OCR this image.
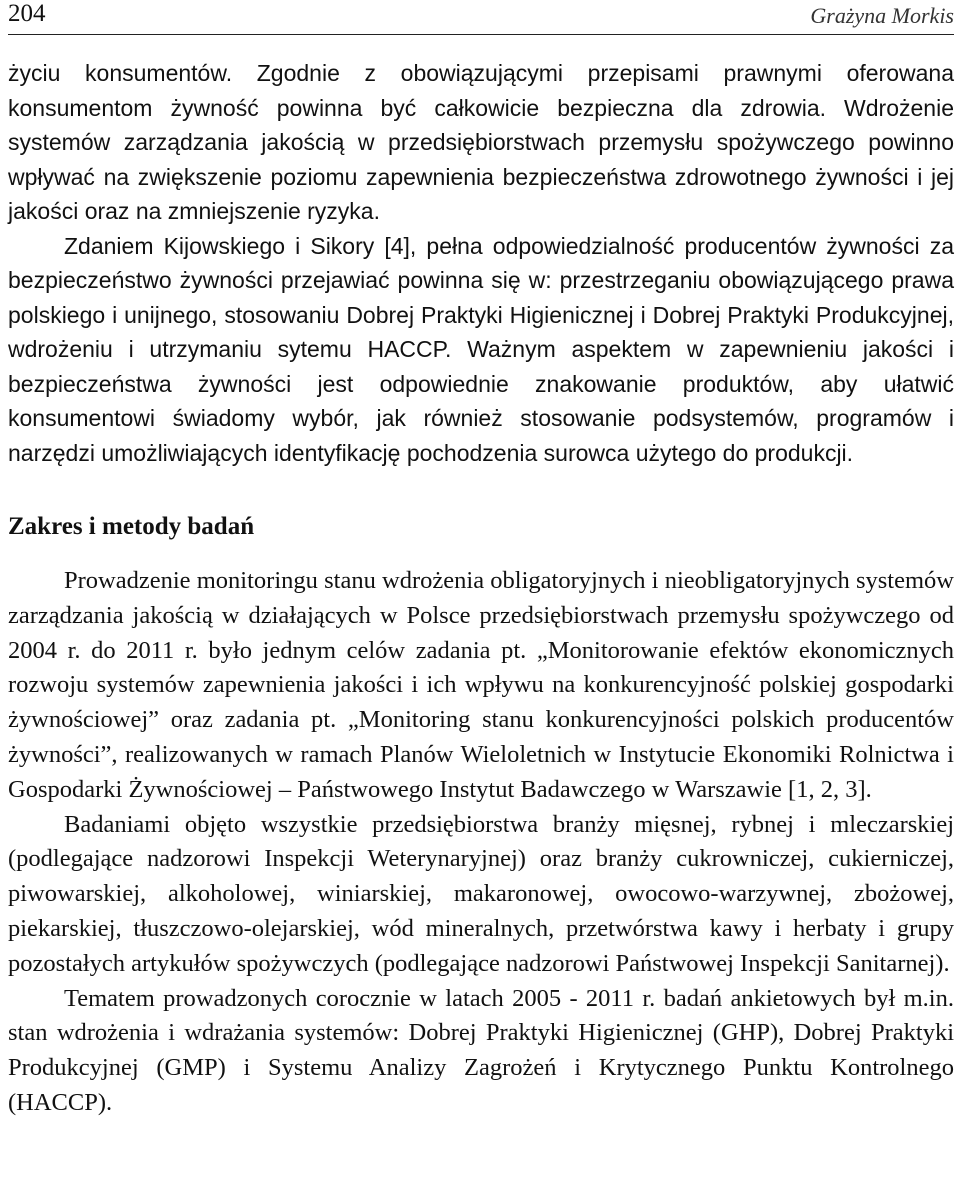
204	Grażyna Morkis

życiu konsumentów. Zgodnie z obowiązującymi przepisami prawnymi oferowana konsumentom żywność powinna być całkowicie bezpieczna dla zdrowia. Wdrożenie systemów zarządzania jakością w przedsiębiorstwach przemysłu spożywczego powinno wpływać na zwiększenie poziomu zapewnienia bezpieczeństwa zdrowotnego żywności i jej jakości oraz na zmniejszenie ryzyka.

Zdaniem Kijowskiego i Sikory [4], pełna odpowiedzialność producentów żywności za bezpieczeństwo żywności przejawiać powinna się w: przestrzeganiu obowiązującego prawa polskiego i unijnego, stosowaniu Dobrej Praktyki Higienicznej i Dobrej Praktyki Produkcyjnej, wdrożeniu i utrzymaniu sytemu HACCP. Ważnym aspektem w zapewnieniu jakości i bezpieczeństwa żywności jest odpowiednie znakowanie produktów, aby ułatwić konsumentowi świadomy wybór, jak również stosowanie podsystemów, programów i narzędzi umożliwiających identyfikację pochodzenia surowca użytego do produkcji.

Zakres i metody badań

Prowadzenie monitoringu stanu wdrożenia obligatoryjnych i nieobligatoryjnych systemów zarządzania jakością w działających w Polsce przedsiębiorstwach przemysłu spożywczego od 2004 r. do 2011 r. było jednym celów zadania pt. „Monitorowanie efektów ekonomicznych rozwoju systemów zapewnienia jakości i ich wpływu na konkurencyjność polskiej gospodarki żywnościowej” oraz zadania pt. „Monitoring stanu konkurencyjności polskich producentów żywności”, realizowanych w ramach Planów Wieloletnich w Instytucie Ekonomiki Rolnictwa i Gospodarki Żywnościowej – Państwowego Instytut Badawczego w Warszawie [1, 2, 3].

Badaniami objęto wszystkie przedsiębiorstwa branży mięsnej, rybnej i mleczarskiej (podlegające nadzorowi Inspekcji Weterynaryjnej) oraz branży cukrowniczej, cukierniczej, piwowarskiej, alkoholowej, winiarskiej, makaronowej, owocowo-warzywnej, zbożowej, piekarskiej, tłuszczowo-olejarskiej, wód mineralnych, przetwórstwa kawy i herbaty i grupy pozostałych artykułów spożywczych (podlegające nadzorowi Państwowej Inspekcji Sanitarnej).

Tematem prowadzonych corocznie w latach 2005 - 2011 r. badań ankietowych był m.in. stan wdrożenia i wdrażania systemów: Dobrej Praktyki Higienicznej (GHP), Dobrej Praktyki Produkcyjnej (GMP) i Systemu Analizy Zagrożeń i Krytycznego Punktu Kontrolnego (HACCP).
